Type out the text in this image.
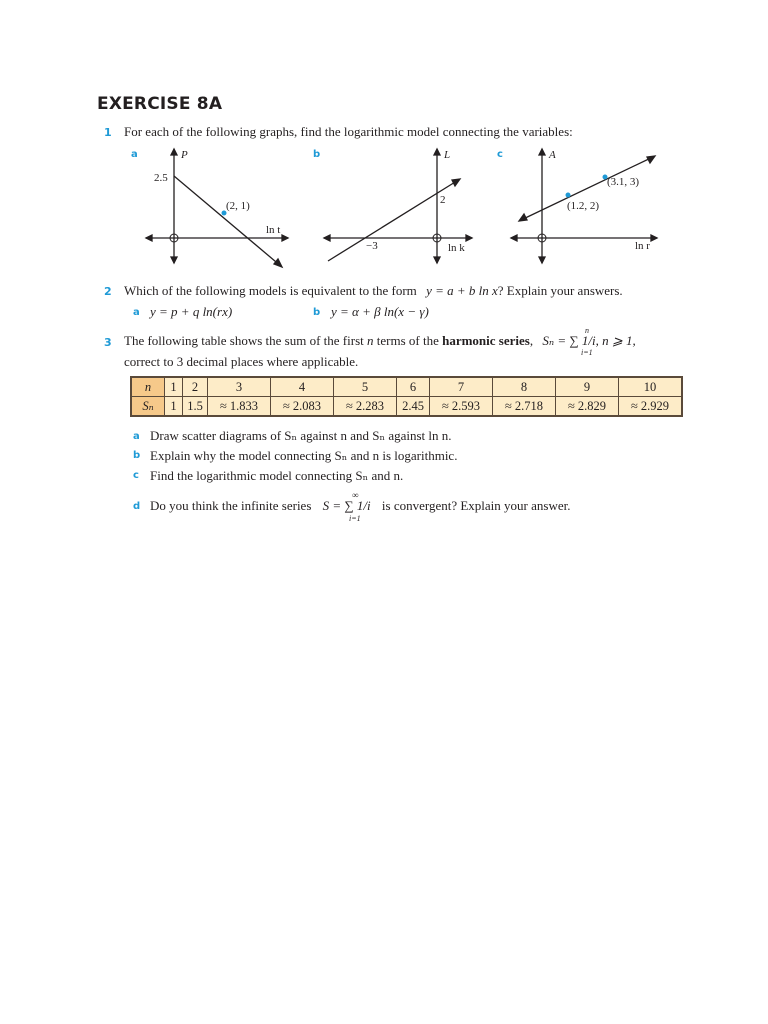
EXERCISE 8A
1 For each of the following graphs, find the logarithmic model connecting the variables:
a	P
2.5
(2, 1)
ln t
b	L
2
−3	ln k
c	A
(1.2, 2)
(3.1, 3)
ln r
2 Which of the following models is equivalent to the form y = a + b ln x? Explain your answers.
a y = p + q ln(rx)	b y = α + β ln(x − γ)
3 The following table shows the sum of the first n terms of the harmonic series, Sₙ = ∑ 1/i, n ⩾ 1,
n
i=1
correct to 3 decimal places where applicable.
n	1	2	3	4	5	6	7	8	9	10
Sₙ	1	1.5	≈ 1.833	≈ 2.083	≈ 2.283	2.45	≈ 2.593	≈ 2.718	≈ 2.829	≈ 2.929
a Draw scatter diagrams of Sₙ against n and Sₙ against ln n.
b Explain why the model connecting Sₙ and n is logarithmic.
c Find the logarithmic model connecting Sₙ and n.
d Do you think the infinite series S = ∑ 1/i is convergent? Explain your answer.
∞
i=1
